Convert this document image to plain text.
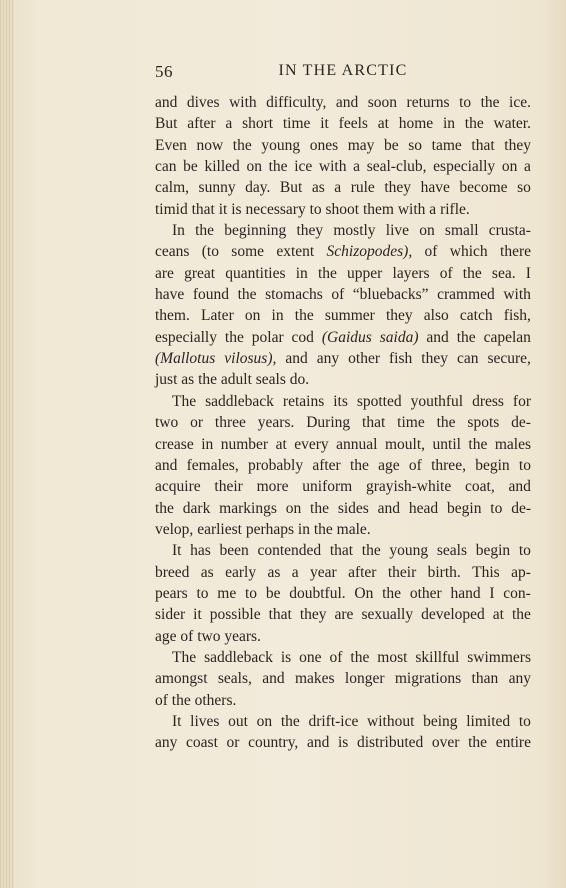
56	IN THE ARCTIC
and dives with difficulty, and soon returns to the ice.
But after a short time it feels at home in the water.
Even now the young ones may be so tame that they
can be killed on the ice with a seal-club, especially on a
calm, sunny day. But as a rule they have become so
timid that it is necessary to shoot them with a rifle.
In the beginning they mostly live on small crusta-
ceans (to some extent Schizopodes), of which there
are great quantities in the upper layers of the sea. I
have found the stomachs of “bluebacks” crammed with
them. Later on in the summer they also catch fish,
especially the polar cod (Gaidus saida) and the capelan
(Mallotus vilosus), and any other fish they can secure,
just as the adult seals do.
The saddleback retains its spotted youthful dress for
two or three years. During that time the spots de-
crease in number at every annual moult, until the males
and females, probably after the age of three, begin to
acquire their more uniform grayish-white coat, and
the dark markings on the sides and head begin to de-
velop, earliest perhaps in the male.
It has been contended that the young seals begin to
breed as early as a year after their birth. This ap-
pears to me to be doubtful. On the other hand I con-
sider it possible that they are sexually developed at the
age of two years.
The saddleback is one of the most skillful swimmers
amongst seals, and makes longer migrations than any
of the others.
It lives out on the drift-ice without being limited to
any coast or country, and is distributed over the entire
